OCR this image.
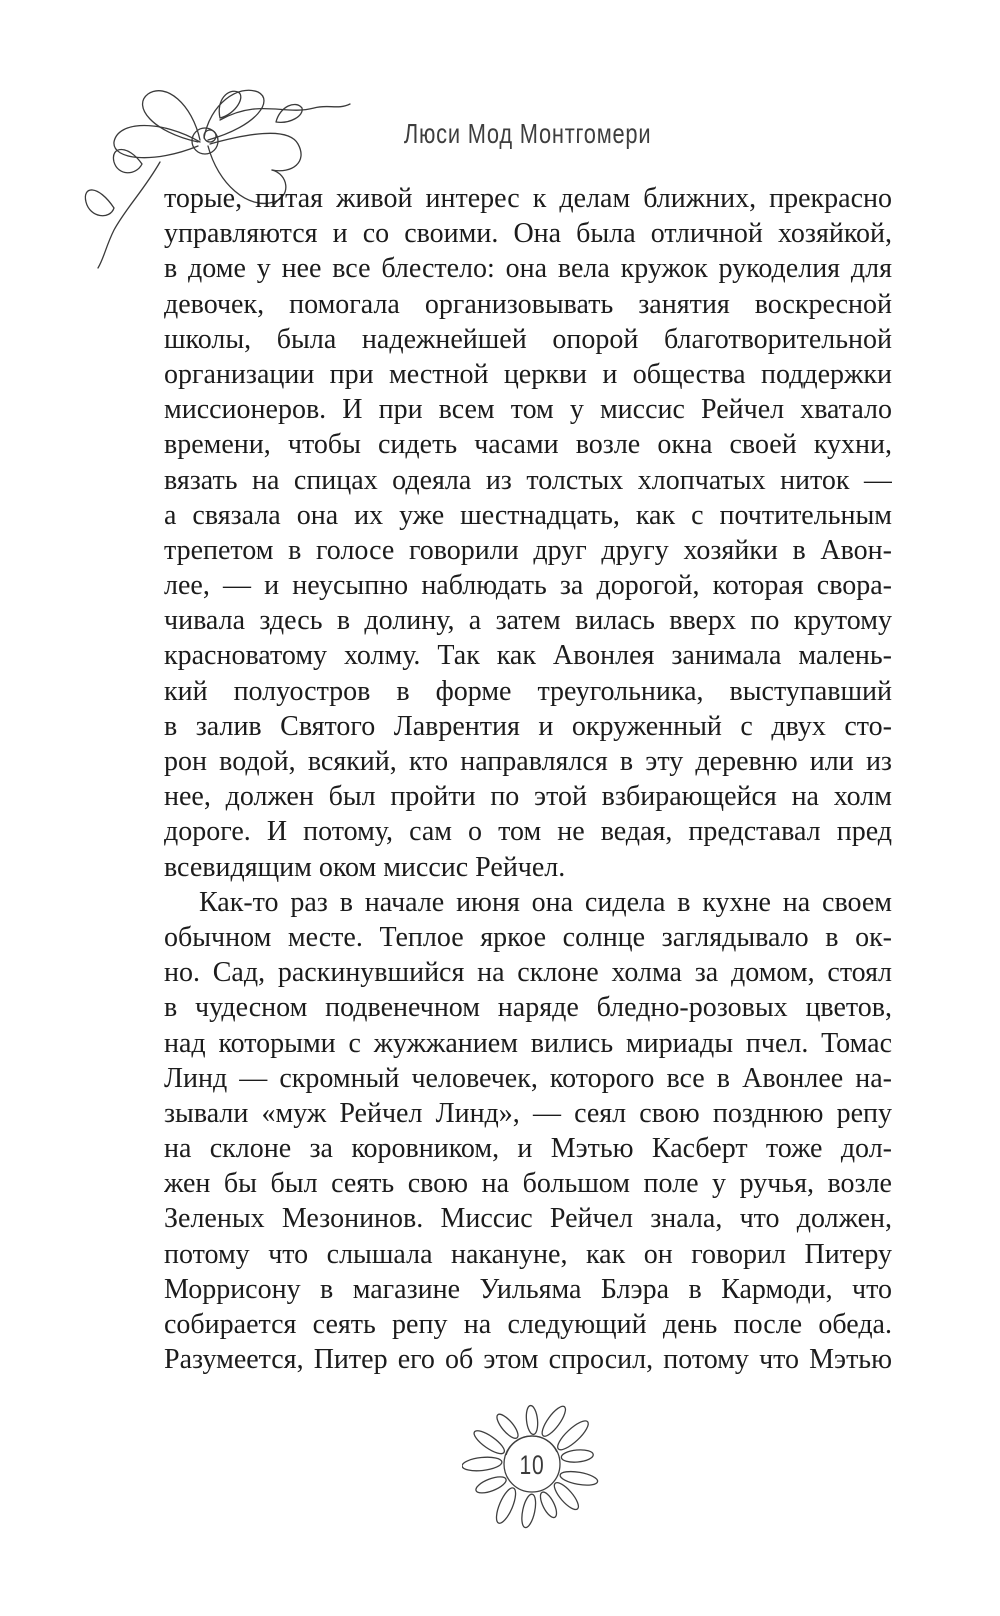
Люси Мод Монтгомери
торые, питая живой интерес к делам ближних, прекрасно
управляются и со своими. Она была отличной хозяйкой,
в доме у нее все блестело: она вела кружок рукоделия для
девочек, помогала организовывать занятия воскресной
школы, была надежнейшей опорой благотворительной
организации при местной церкви и общества поддержки
миссионеров. И при всем том у миссис Рейчел хватало
времени, чтобы сидеть часами возле окна своей кухни,
вязать на спицах одеяла из толстых хлопчатых ниток —
а связала она их уже шестнадцать, как с почтительным
трепетом в голосе говорили друг другу хозяйки в Авон-
лее, — и неусыпно наблюдать за дорогой, которая свора-
чивала здесь в долину, а затем вилась вверх по крутому
красноватому холму. Так как Авонлея занимала малень-
кий полуостров в форме треугольника, выступавший
в залив Святого Лаврентия и окруженный с двух сто-
рон водой, всякий, кто направлялся в эту деревню или из
нее, должен был пройти по этой взбирающейся на холм
дороге. И потому, сам о том не ведая, представал пред
всевидящим оком миссис Рейчел.
Как-то раз в начале июня она сидела в кухне на своем
обычном месте. Теплое яркое солнце заглядывало в ок-
но. Сад, раскинувшийся на склоне холма за домом, стоял
в чудесном подвенечном наряде бледно-розовых цветов,
над которыми с жужжанием вились мириады пчел. Томас
Линд — скромный человечек, которого все в Авонлее на-
зывали «муж Рейчел Линд», — сеял свою позднюю репу
на склоне за коровником, и Мэтью Касберт тоже дол-
жен бы был сеять свою на большом поле у ручья, возле
Зеленых Мезонинов. Миссис Рейчел знала, что должен,
потому что слышала накануне, как он говорил Питеру
Моррисону в магазине Уильяма Блэра в Кармоди, что
собирается сеять репу на следующий день после обеда.
Разумеется, Питер его об этом спросил, потому что Мэтью
10
